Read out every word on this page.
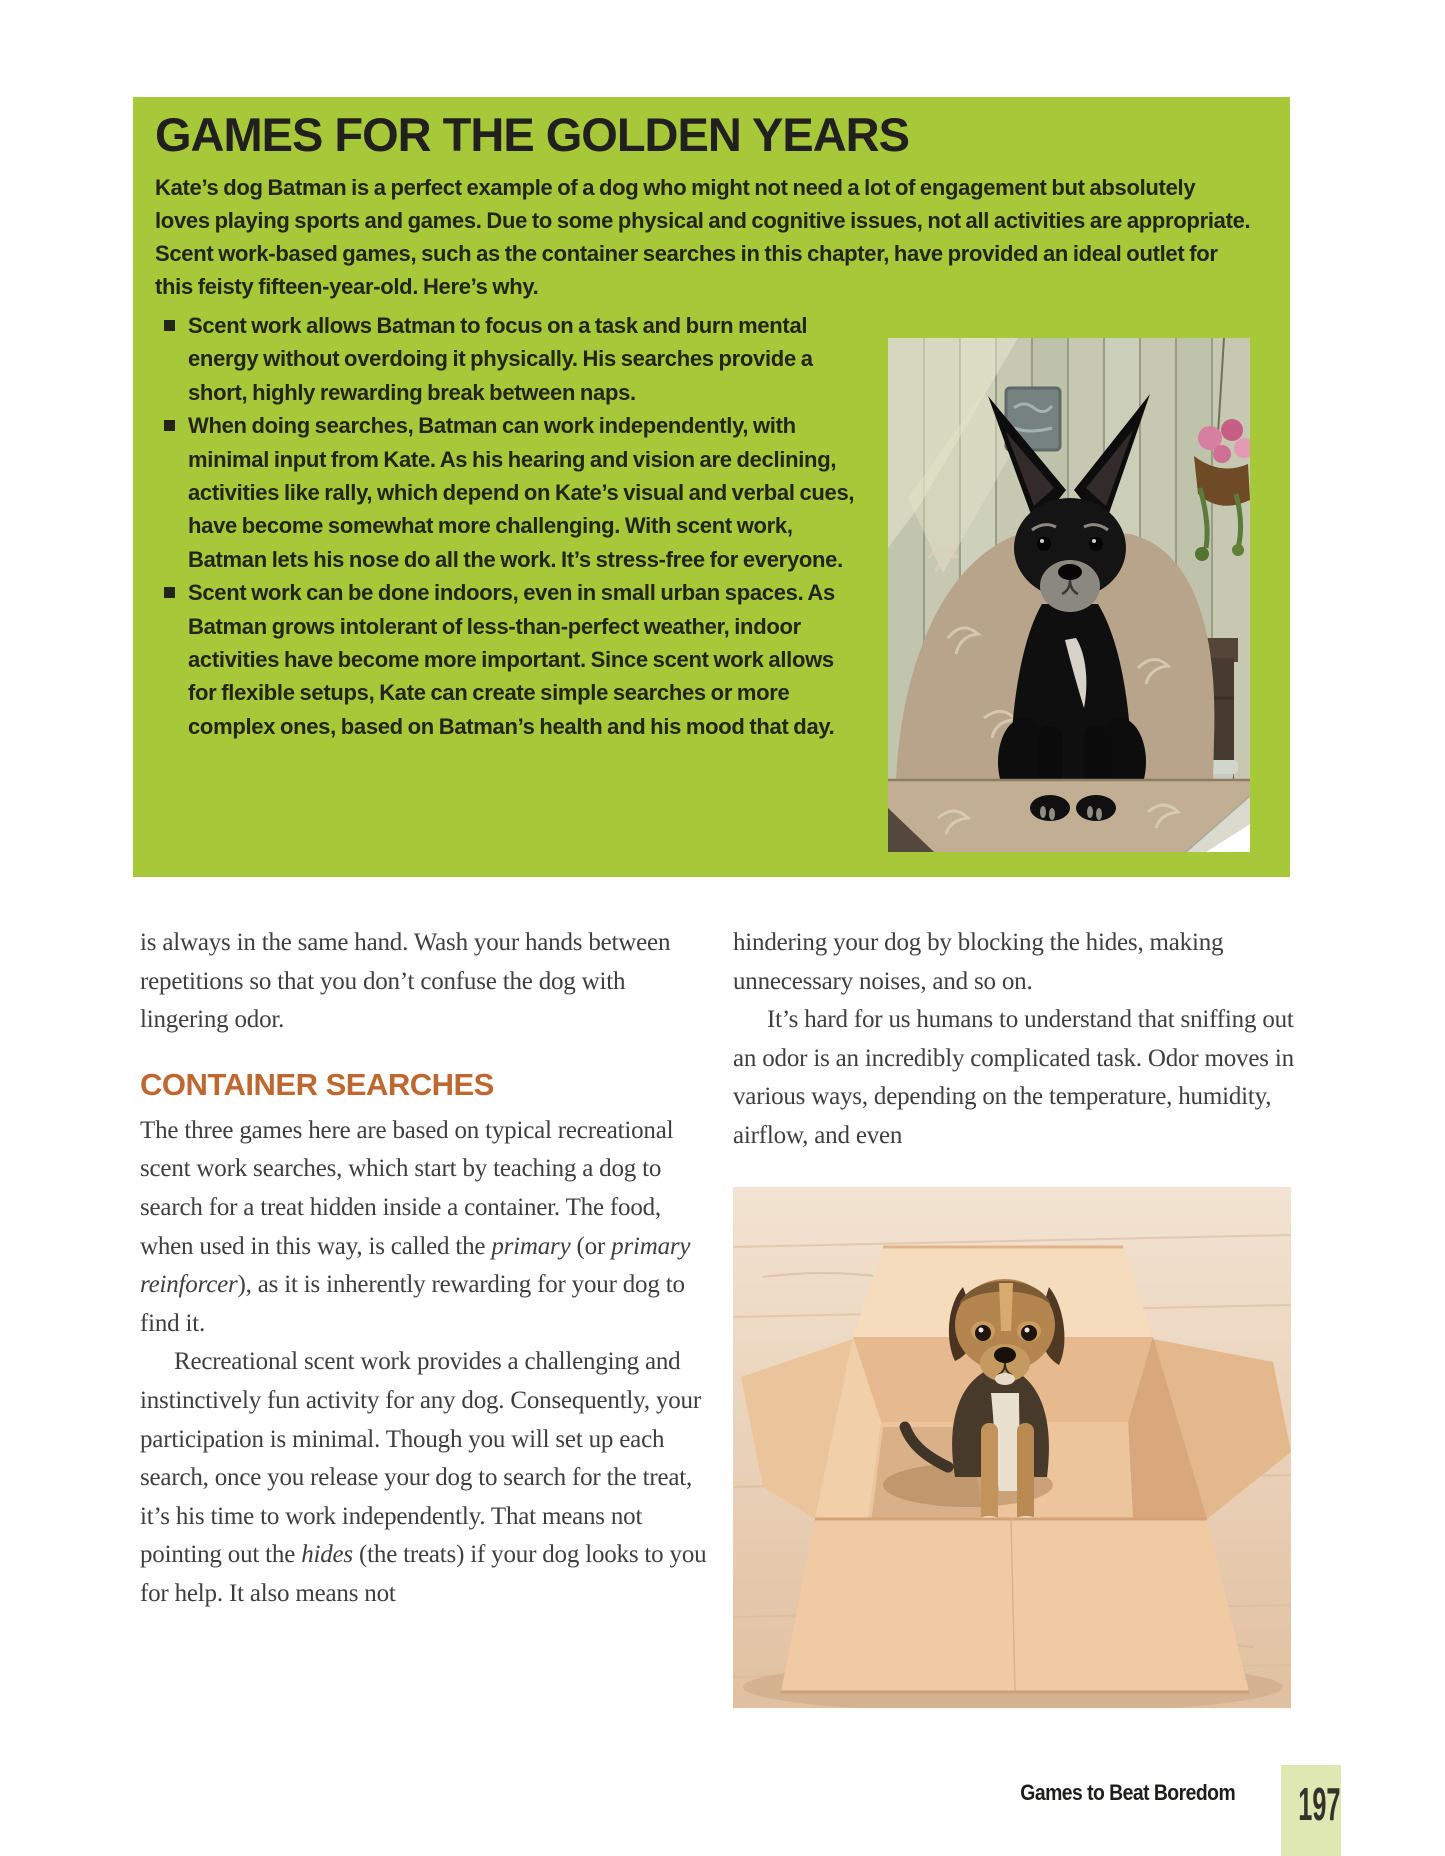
GAMES FOR THE GOLDEN YEARS

Kate’s dog Batman is a perfect example of a dog who might not need a lot of engagement but absolutely loves playing sports and games. Due to some physical and cognitive issues, not all activities are appropriate. Scent work-based games, such as the container searches in this chapter, have provided an ideal outlet for this feisty fifteen-year-old. Here’s why.

Scent work allows Batman to focus on a task and burn mental energy without overdoing it physically. His searches provide a short, highly rewarding break between naps.
When doing searches, Batman can work independently, with minimal input from Kate. As his hearing and vision are declining, activities like rally, which depend on Kate’s visual and verbal cues, have become somewhat more challenging. With scent work, Batman lets his nose do all the work. It’s stress-free for everyone.
Scent work can be done indoors, even in small urban spaces. As Batman grows intolerant of less-than-perfect weather, indoor activities have become more important. Since scent work allows for flexible setups, Kate can create simple searches or more complex ones, based on Batman’s health and his mood that day.

is always in the same hand. Wash your hands between repetitions so that you don’t confuse the dog with lingering odor.

CONTAINER SEARCHES

The three games here are based on typical recreational scent work searches, which start by teaching a dog to search for a treat hidden inside a container. The food, when used in this way, is called the primary (or primary reinforcer), as it is inherently rewarding for your dog to find it.

Recreational scent work provides a challenging and instinctively fun activity for any dog. Consequently, your participation is minimal. Though you will set up each search, once you release your dog to search for the treat, it’s his time to work independently. That means not pointing out the hides (the treats) if your dog looks to you for help. It also means not

hindering your dog by blocking the hides, making unnecessary noises, and so on.

It’s hard for us humans to understand that sniffing out an odor is an incredibly complicated task. Odor moves in various ways, depending on the temperature, humidity, airflow, and even

Games to Beat Boredom	197
